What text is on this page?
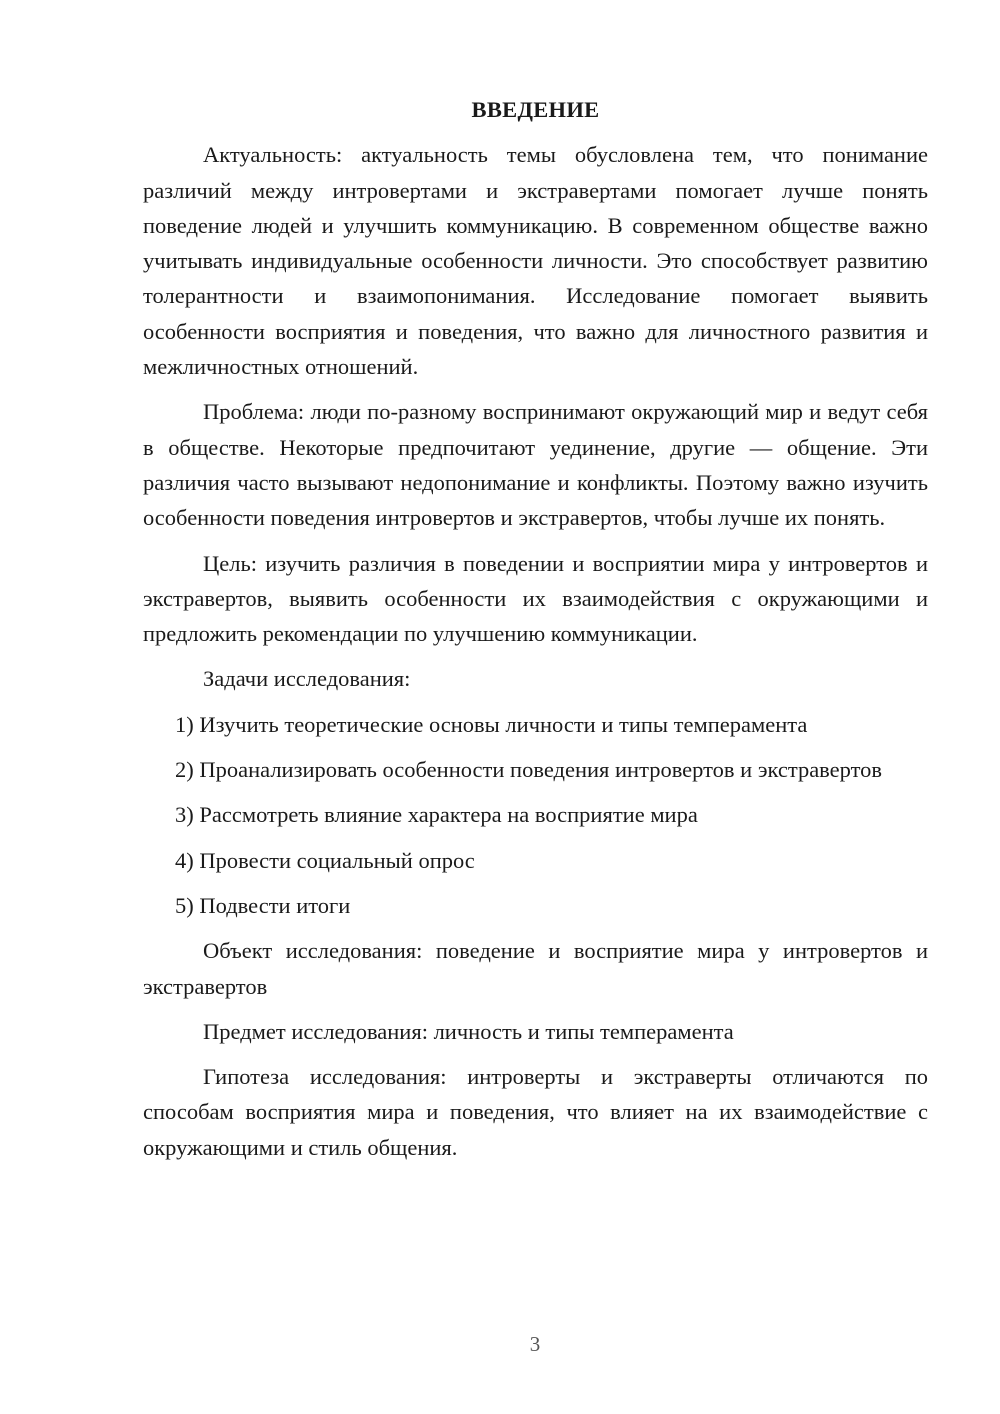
ВВЕДЕНИЕ

Актуальность: актуальность темы обусловлена тем, что понимание различий между интровертами и экстравертами помогает лучше понять поведение людей и улучшить коммуникацию. В современном обществе важно учитывать индивидуальные особенности личности. Это способствует развитию толерантности и взаимопонимания. Исследование помогает выявить особенности восприятия и поведения, что важно для личностного развития и межличностных отношений.

Проблема: люди по-разному воспринимают окружающий мир и ведут себя в обществе. Некоторые предпочитают уединение, другие — общение. Эти различия часто вызывают недопонимание и конфликты. Поэтому важно изучить особенности поведения интровертов и экстравертов, чтобы лучше их понять.

Цель: изучить различия в поведении и восприятии мира у интровертов и экстравертов, выявить особенности их взаимодействия с окружающими и предложить рекомендации по улучшению коммуникации.

Задачи исследования:

1) Изучить теоретические основы личности и типы темперамента

2) Проанализировать особенности поведения интровертов и экстравертов

3) Рассмотреть влияние характера на восприятие мира

4) Провести социальный опрос

5) Подвести итоги

Объект исследования: поведение и восприятие мира у интровертов и экстравертов

Предмет исследования: личность и типы темперамента

Гипотеза исследования: интроверты и экстраверты отличаются по способам восприятия мира и поведения, что влияет на их взаимодействие с окружающими и стиль общения.

3
